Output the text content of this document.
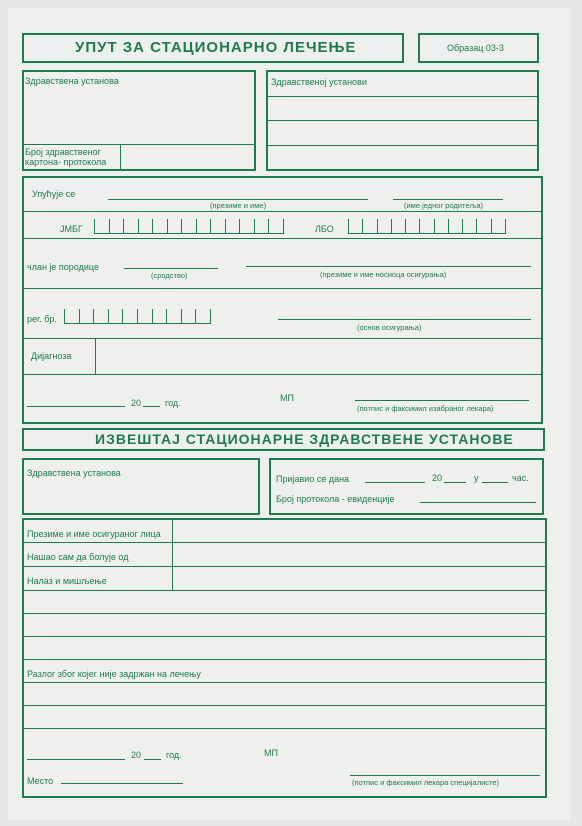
УПУТ ЗА СТАЦИОНАРНО ЛЕЧЕЊЕ	Образац 03-3
Здравствена установа
Број здравственог
картона- протокола
Здравственој установи
Упућује се
(презиме и име)	(име једног родитеља)
ЈМБГ	ЛБО
члан је породице
(сродство)	(презиме и име носиоца осигурања)
рег. бр.
(основ осигурања)
Дијагноза
20	год.	МП
(потпис и факсимил изабраног лекара)
ИЗВЕШТАЈ СТАЦИОНАРНЕ ЗДРАВСТВЕНЕ УСТАНОВЕ
Здравствена установа
Пријавио се дана	20	у	час.
Број протокола - евиденције
Презиме и име осигураног лица
Нашао сам да болује од
Налаз и мишљење
Разлог због којег није задржан на лечењу
20	год.	МП
Место	(потпис и факсимил лекара специјалисте)
